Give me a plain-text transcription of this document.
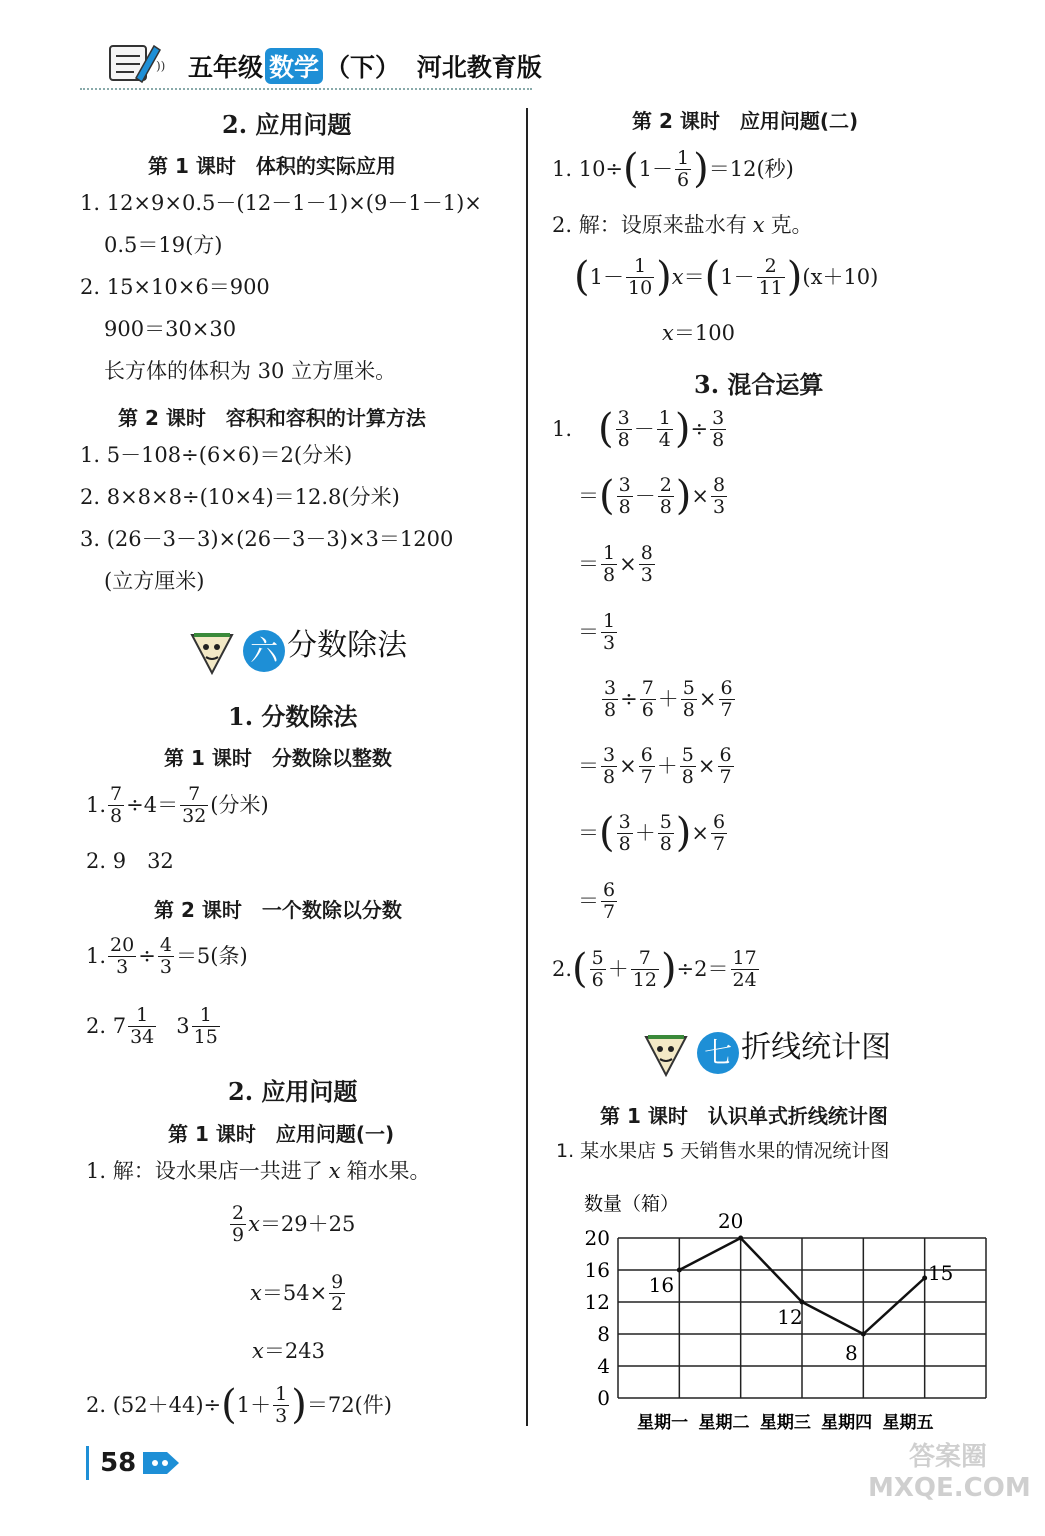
)) 五年级 数学 （下） 河北教育版
2. 应用问题
第 1 课时　体积的实际应用
1. 12×9×0.5－(12－1－1)×(9－1－1)×
0.5＝19(方)
2. 15×10×6＝900
900＝30×30
长方体的体积为 30 立方厘米。
第 2 课时　容积和容积的计算方法
1. 5－108÷(6×6)＝2(分米)
2. 8×8×8÷(10×4)＝12.8(分米)
3. (26－3－3)×(26－3－3)×3＝1200
(立方厘米)
六 分数除法
1. 分数除法
第 1 课时　分数除以整数
1. $\frac{7}{8} \div 4= \frac{7}{32}$ (分米)
2. 9　32
第 2 课时　一个数除以分数
1. $\frac{20}{3} \div \frac{4}{3} =5$(条)
2. $7 \frac{1}{34} 3 \frac{1}{15}$
2. 应用问题
第 1 课时　应用问题(一)
1. 解：设水果店一共进了 x 箱水果。
$\frac{2}{9}$ x ＝29＋25
$x =54\times \frac{9}{2}$
x＝243
2. (52＋44)÷ ( $1+ \frac{1}{3}$ ) ＝72(件)
第 2 课时　应用问题(二)
1. 10÷ ( $1- \frac{1}{6}$ ) ＝12(秒)
2. 解：设原来盐水有 x 克。
( $1- \frac{1}{10}$ ) x ＝ ( $1- \frac{2}{11}$ ) (x＋10)
x＝100
3. 混合运算
1. ( $\frac{3}{8} - \frac{1}{4}$ ) ÷ $\frac{3}{8}$
＝ ( $\frac{3}{8} - \frac{2}{8}$ ) × $\frac{8}{3}$
＝ $\frac{1}{8} \times \frac{8}{3}$
＝ $\frac{1}{3}$
$\frac{3}{8} \div \frac{7}{6} + \frac{5}{8} \times \frac{6}{7}$
＝ $\frac{3}{8} \times \frac{6}{7} + \frac{5}{8} \times \frac{6}{7}$
＝ ( $\frac{3}{8} + \frac{5}{8}$ ) × $\frac{6}{7}$
＝ $\frac{6}{7}$
2. ( $\frac{5}{6} + \frac{7}{12}$ ) $\div 2= \frac{17}{24}$
七 折线统计图
第 1 课时　认识单式折线统计图
1. 某水果店 5 天销售水果的情况统计图
数量（箱）
0
4
8
12
16
20
星期一 星期二 星期三 星期四 星期五
16
20
12
8
15
58	答案圈 MXQE.COM
